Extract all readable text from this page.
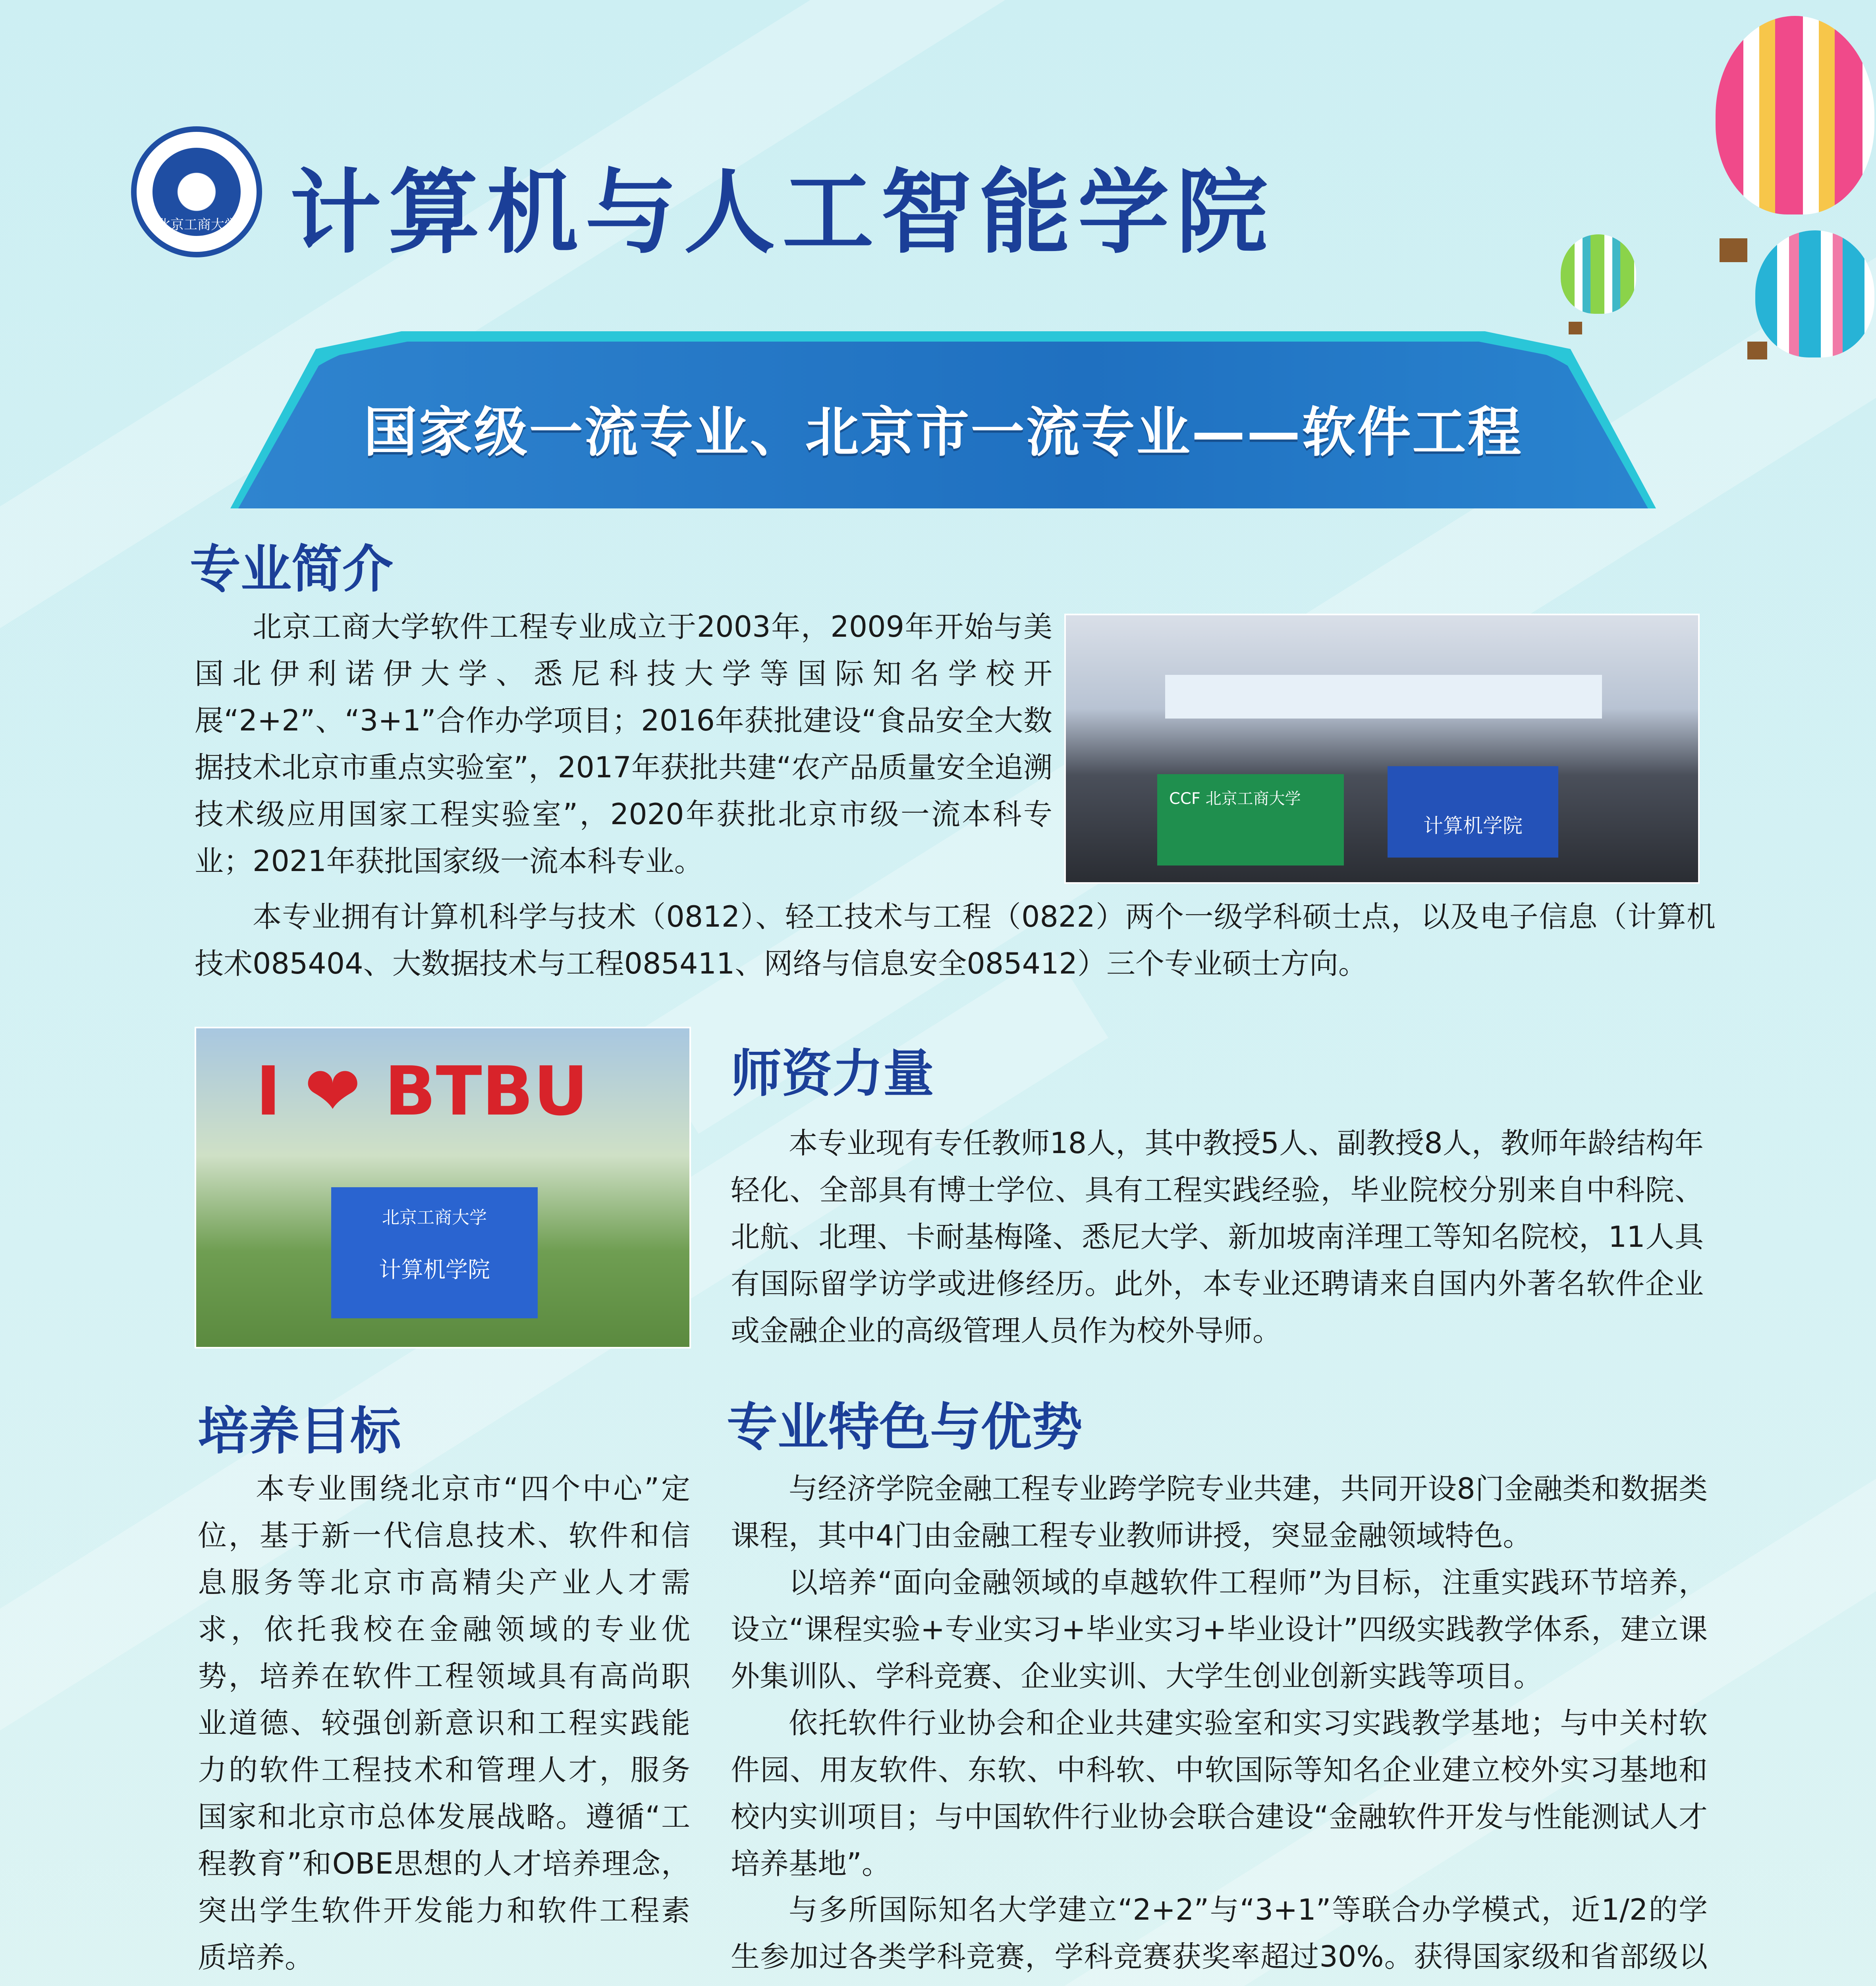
北京工商大学 计算机与人工智能学院
国家级一流专业、北京市一流专业——软件工程
专业简介

北京工商大学软件工程专业成立于2003年，2009年开始与美国北伊利诺伊大学、悉尼科技大学等国际知名学校开展“2+2”、“3+1”合作办学项目；2016年获批建设“食品安全大数据技术北京市重点实验室”，2017年获批共建“农产品质量安全追溯技术级应用国家工程实验室”，2020年获批北京市级一流本科专业；2021年获批国家级一流本科专业。

本专业拥有计算机科学与技术（0812）、轻工技术与工程（0822）两个一级学科硕士点，以及电子信息（计算机技术085404、大数据技术与工程085411、网络与信息安全085412）三个专业硕士方向。

CCF 北京工商大学
计算机学院
I ❤ BTBU
北京工商大学
计算机学院
师资力量

本专业现有专任教师18人，其中教授5人、副教授8人，教师年龄结构年轻化、全部具有博士学位、具有工程实践经验，毕业院校分别来自中科院、北航、北理、卡耐基梅隆、悉尼大学、新加坡南洋理工等知名院校，11人具有国际留学访学或进修经历。此外，本专业还聘请来自国内外著名软件企业或金融企业的高级管理人员作为校外导师。

培养目标

本专业围绕北京市“四个中心”定位，基于新一代信息技术、软件和信息服务等北京市高精尖产业人才需求，依托我校在金融领域的专业优势，培养在软件工程领域具有高尚职业道德、较强创新意识和工程实践能力的软件工程技术和管理人才，服务国家和北京市总体发展战略。遵循“工程教育”和OBE思想的人才培养理念，突出学生软件开发能力和软件工程素质培养。

专业特色与优势

与经济学院金融工程专业跨学院专业共建，共同开设8门金融类和数据类课程，其中4门由金融工程专业教师讲授，突显金融领域特色。

以培养“面向金融领域的卓越软件工程师”为目标，注重实践环节培养，设立“课程实验+专业实习+毕业实习+毕业设计”四级实践教学体系，建立课外集训队、学科竞赛、企业实训、大学生创业创新实践等项目。

依托软件行业协会和企业共建实验室和实习实践教学基地；与中关村软件园、用友软件、东软、中科软、中软国际等知名企业建立校外实习基地和校内实训项目；与中国软件行业协会联合建设“金融软件开发与性能测试人才培养基地”。

与多所国际知名大学建立“2+2”与“3+1”等联合办学模式，近1/2的学生参加过各类学科竞赛，学科竞赛获奖率超过30%。获得国家级和省部级以
